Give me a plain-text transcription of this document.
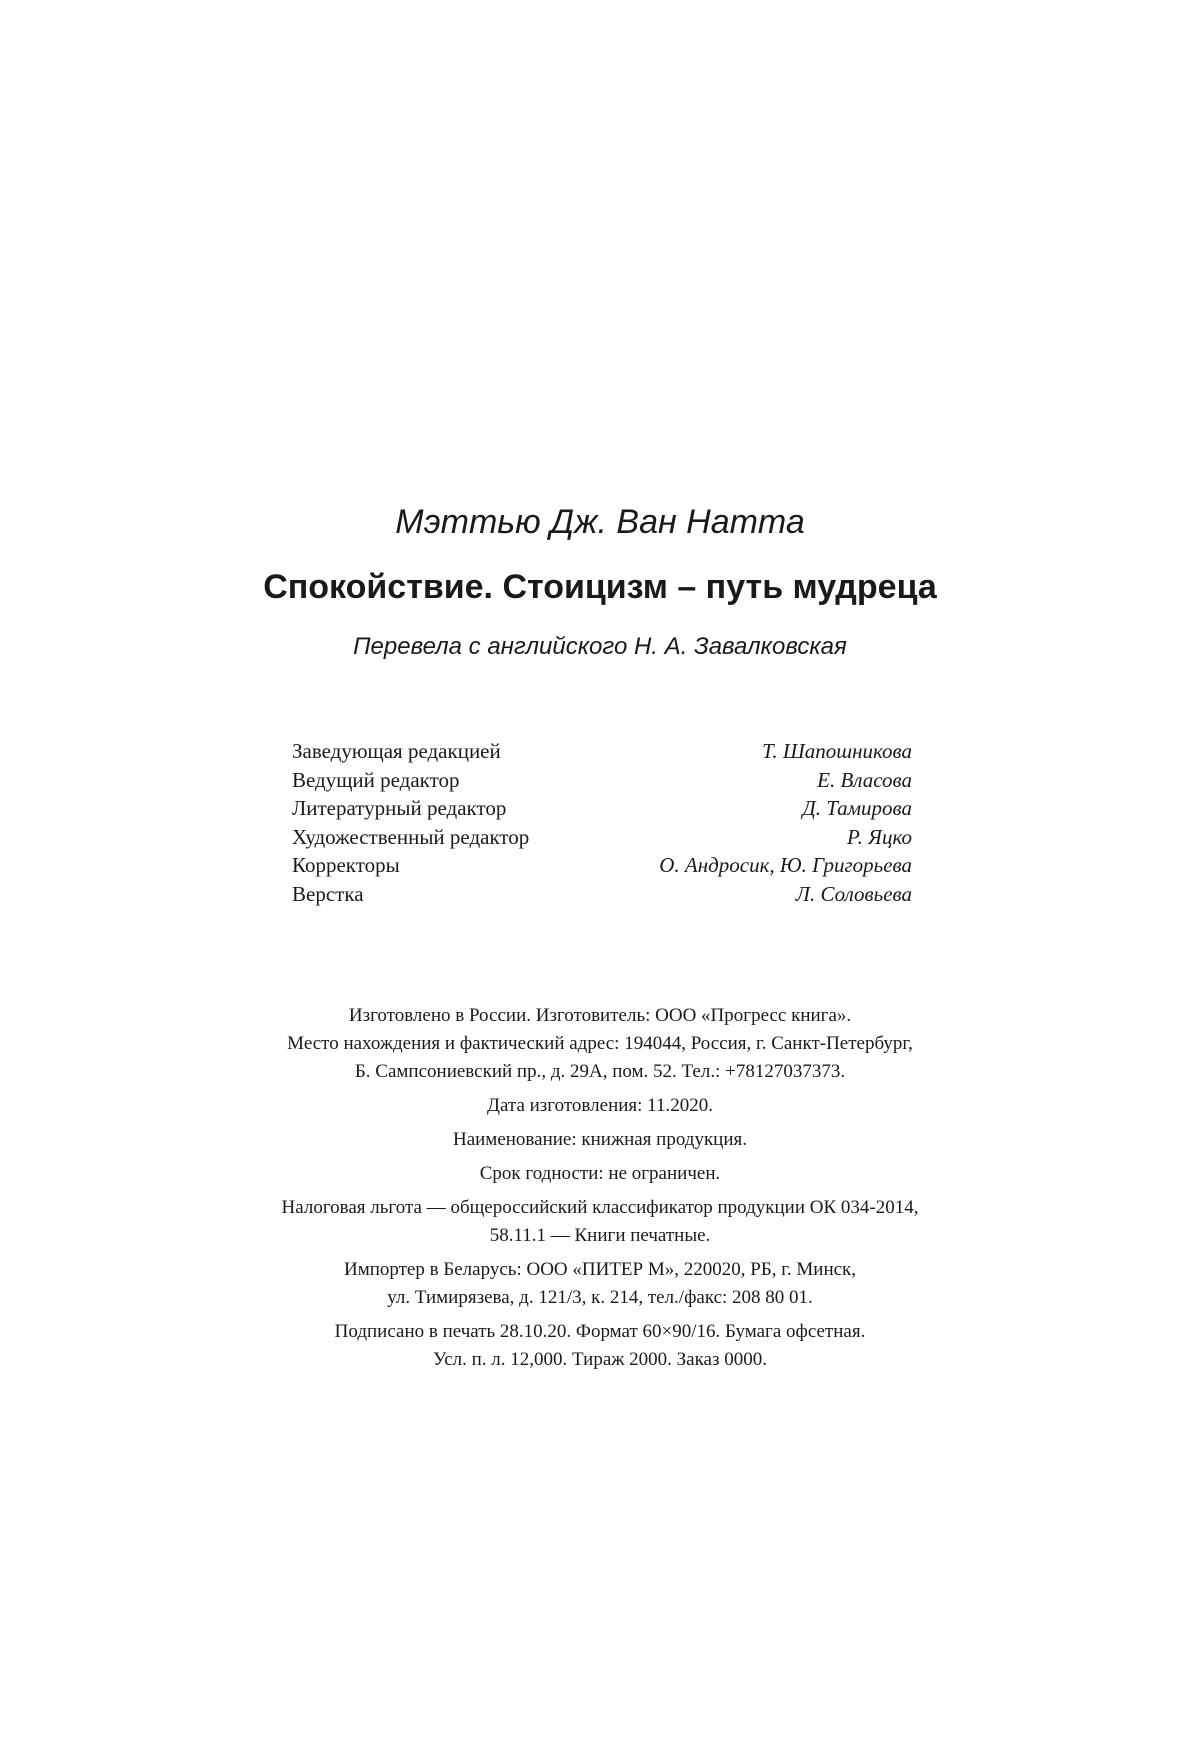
Мэттью Дж. Ван Натта
Спокойствие. Стоицизм – путь мудреца
Перевела с английского Н. А. Завалковская
Заведующая редакцией	Т. Шапошникова
Ведущий редактор	Е. Власова
Литературный редактор	Д. Тамирова
Художественный редактор	Р. Яцко
Корректоры	О. Андросик, Ю. Григорьева
Верстка	Л. Соловьева
Изготовлено в России. Изготовитель: ООО «Прогресс книга».
Место нахождения и фактический адрес: 194044, Россия, г. Санкт-Петербург,
Б. Сампсониевский пр., д. 29А, пом. 52. Тел.: +78127037373.
Дата изготовления: 11.2020.
Наименование: книжная продукция.
Срок годности: не ограничен.
Налоговая льгота — общероссийский классификатор продукции ОК 034-2014,
58.11.1 — Книги печатные.
Импортер в Беларусь: ООО «ПИТЕР М», 220020, РБ, г. Минск,
ул. Тимирязева, д. 121/3, к. 214, тел./факс: 208 80 01.
Подписано в печать 28.10.20. Формат 60×90/16. Бумага офсетная.
Усл. п. л. 12,000. Тираж 2000. Заказ 0000.
